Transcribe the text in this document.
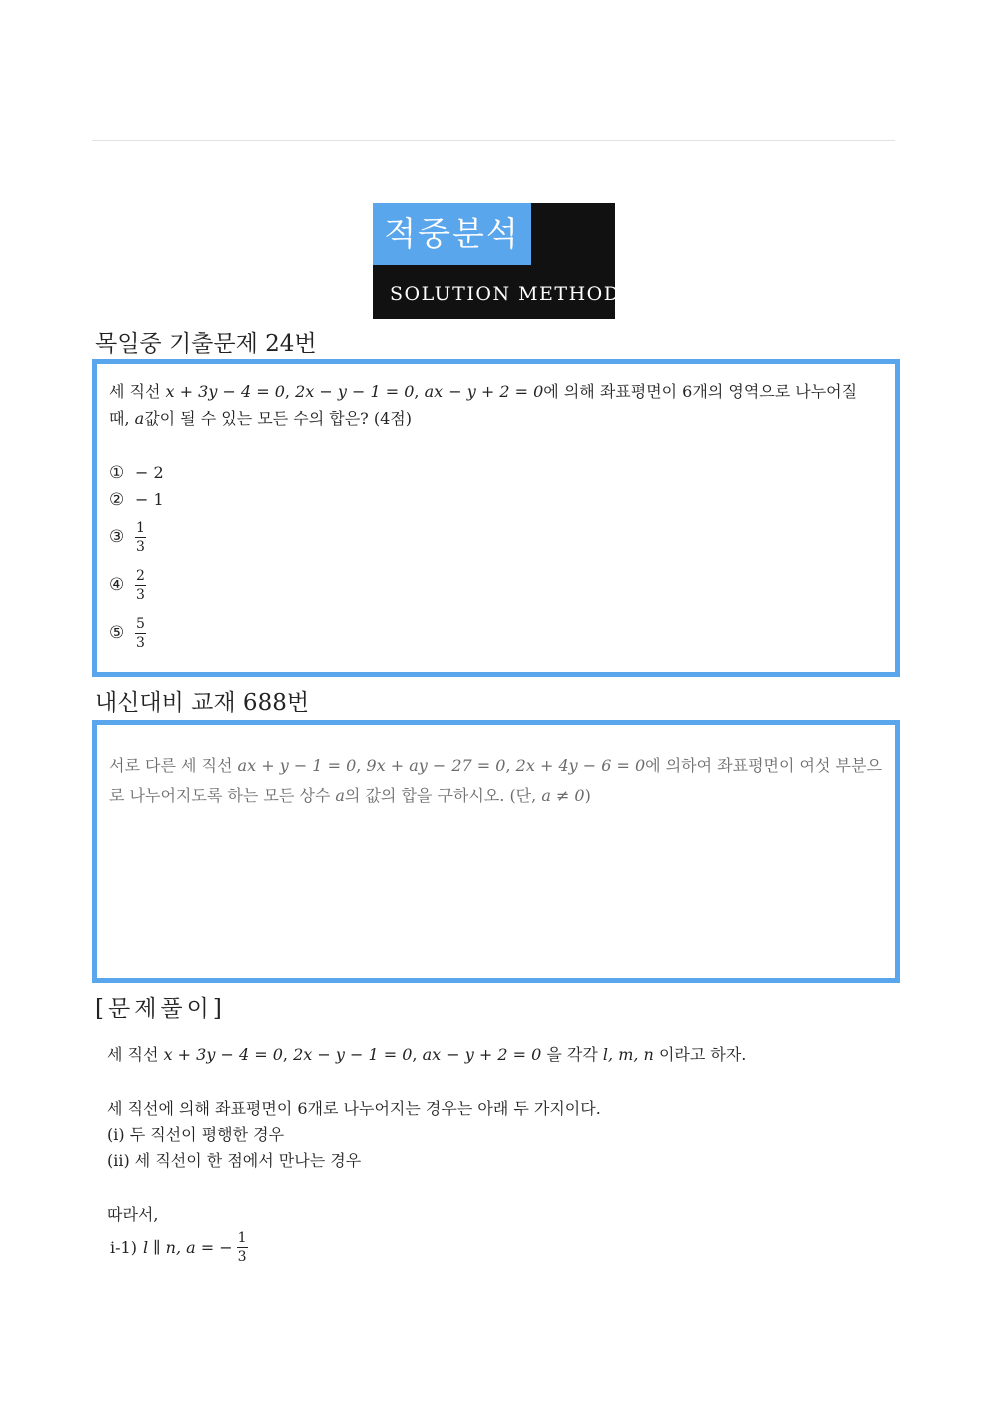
적중분석
SOLUTION METHOD
목일중 기출문제 24번
세 직선 x + 3y − 4 = 0, 2x − y − 1 = 0, ax − y + 2 = 0에 의해 좌표평면이 6개의 영역으로 나누어질
때, a값이 될 수 있는 모든 수의 합은? (4점)
① − 2
② − 1
③ $\frac{1}{3}$
④ $\frac{2}{3}$
⑤ $\frac{5}{3}$
내신대비 교재 688번
서로 다른 세 직선 ax + y − 1 = 0, 9x + ay − 27 = 0, 2x + 4y − 6 = 0에 의하여 좌표평면이 여섯 부분으
로 나누어지도록 하는 모든 상수 a의 값의 합을 구하시오. (단, a ≠ 0)
[문제풀이]
세 직선 x + 3y − 4 = 0, 2x − y − 1 = 0, ax − y + 2 = 0 을 각각 l, m, n 이라고 하자.
세 직선에 의해 좌표평면이 6개로 나누어지는 경우는 아래 두 가지이다.
(ⅰ) 두 직선이 평행한 경우
(ⅱ) 세 직선이 한 점에서 만나는 경우
따라서,
ⅰ-1) l ∥ n, a = − $\frac{1}{3}$
